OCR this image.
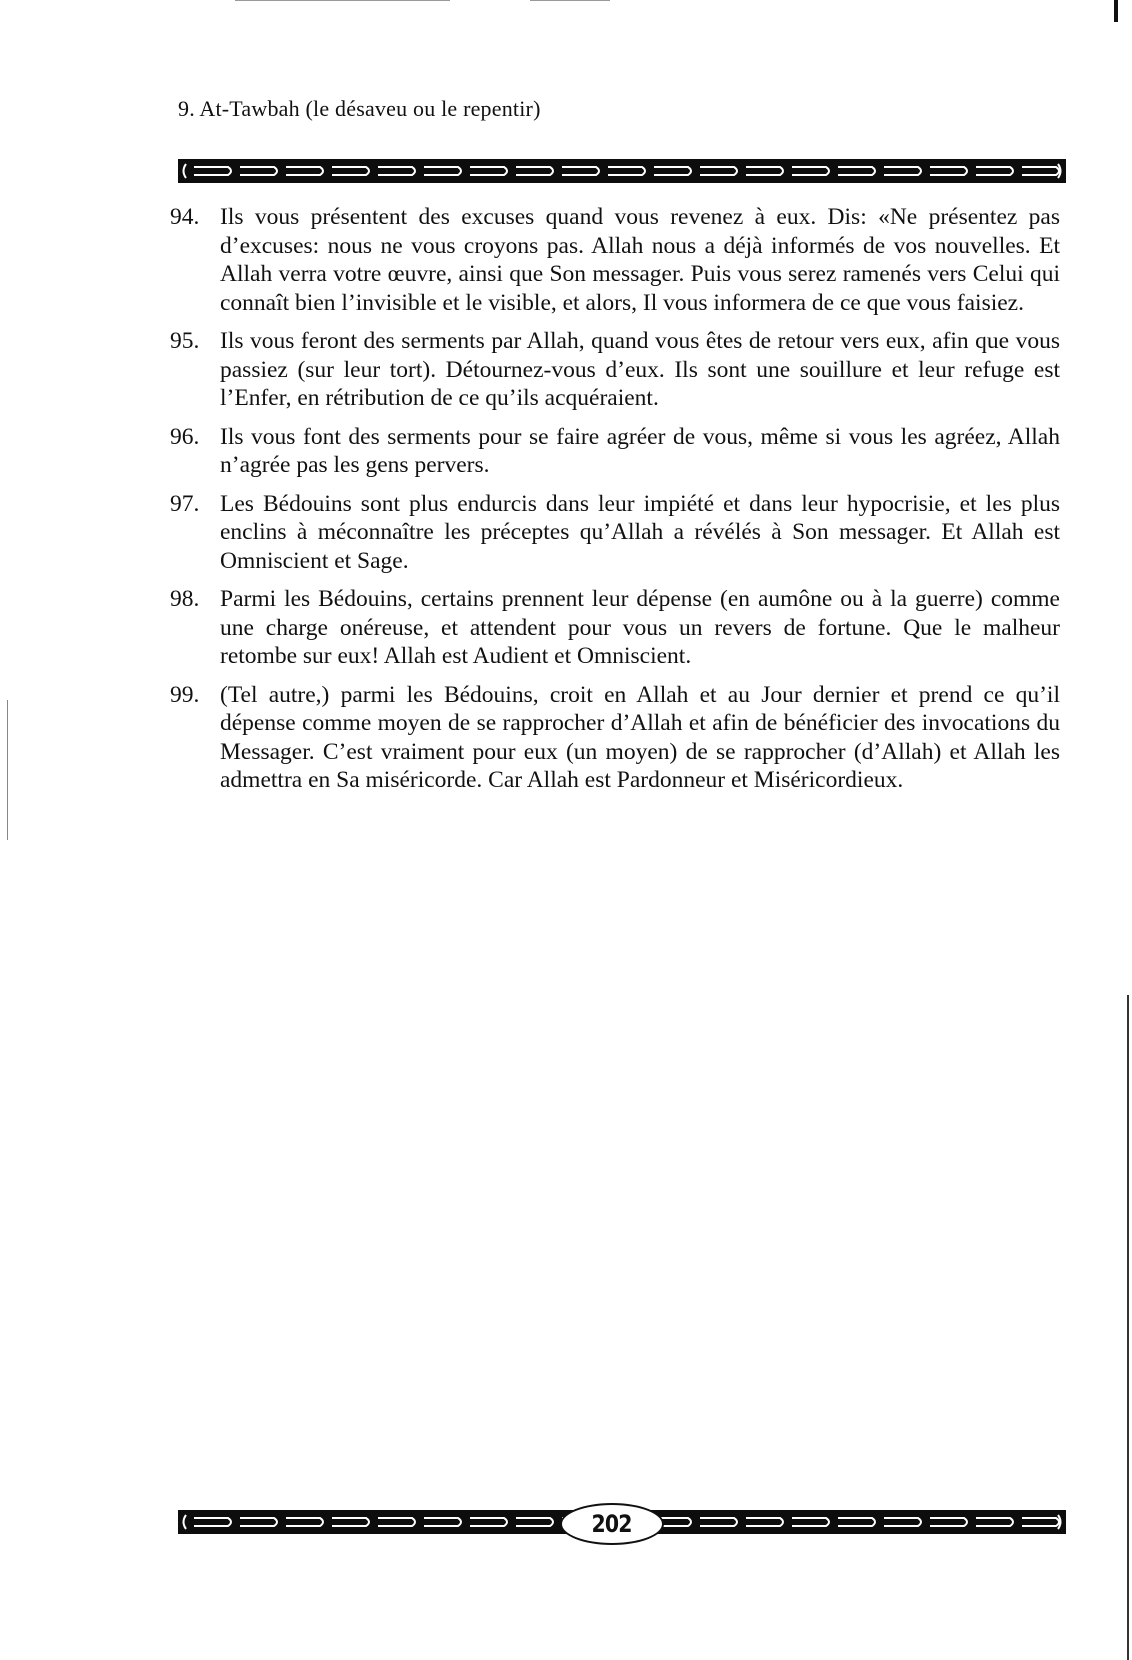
9. At-Tawbah (le désaveu ou le repentir)
94. Ils vous présentent des excuses quand vous revenez à eux. Dis: «Ne présentez pas d’excuses: nous ne vous croyons pas. Allah nous a déjà informés de vos nouvelles. Et Allah verra votre œuvre, ainsi que Son messager. Puis vous serez ramenés vers Celui qui connaît bien l’invisible et le visible, et alors, Il vous informera de ce que vous faisiez.
95. Ils vous feront des serments par Allah, quand vous êtes de retour vers eux, afin que vous passiez (sur leur tort). Détournez-vous d’eux. Ils sont une souillure et leur refuge est l’Enfer, en rétribution de ce qu’ils acquéraient.
96. Ils vous font des serments pour se faire agréer de vous, même si vous les agréez, Allah n’agrée pas les gens pervers.
97. Les Bédouins sont plus endurcis dans leur impiété et dans leur hypocrisie, et les plus enclins à méconnaître les préceptes qu’Allah a révélés à Son messager. Et Allah est Omniscient et Sage.
98. Parmi les Bédouins, certains prennent leur dépense (en aumône ou à la guerre) comme une charge onéreuse, et attendent pour vous un revers de fortune. Que le malheur retombe sur eux! Allah est Audient et Omniscient.
99. (Tel autre,) parmi les Bédouins, croit en Allah et au Jour dernier et prend ce qu’il dépense comme moyen de se rapprocher d’Allah et afin de bénéficier des invocations du Messager. C’est vraiment pour eux (un moyen) de se rapprocher (d’Allah) et Allah les admettra en Sa miséricorde. Car Allah est Pardonneur et Miséricordieux.
202
